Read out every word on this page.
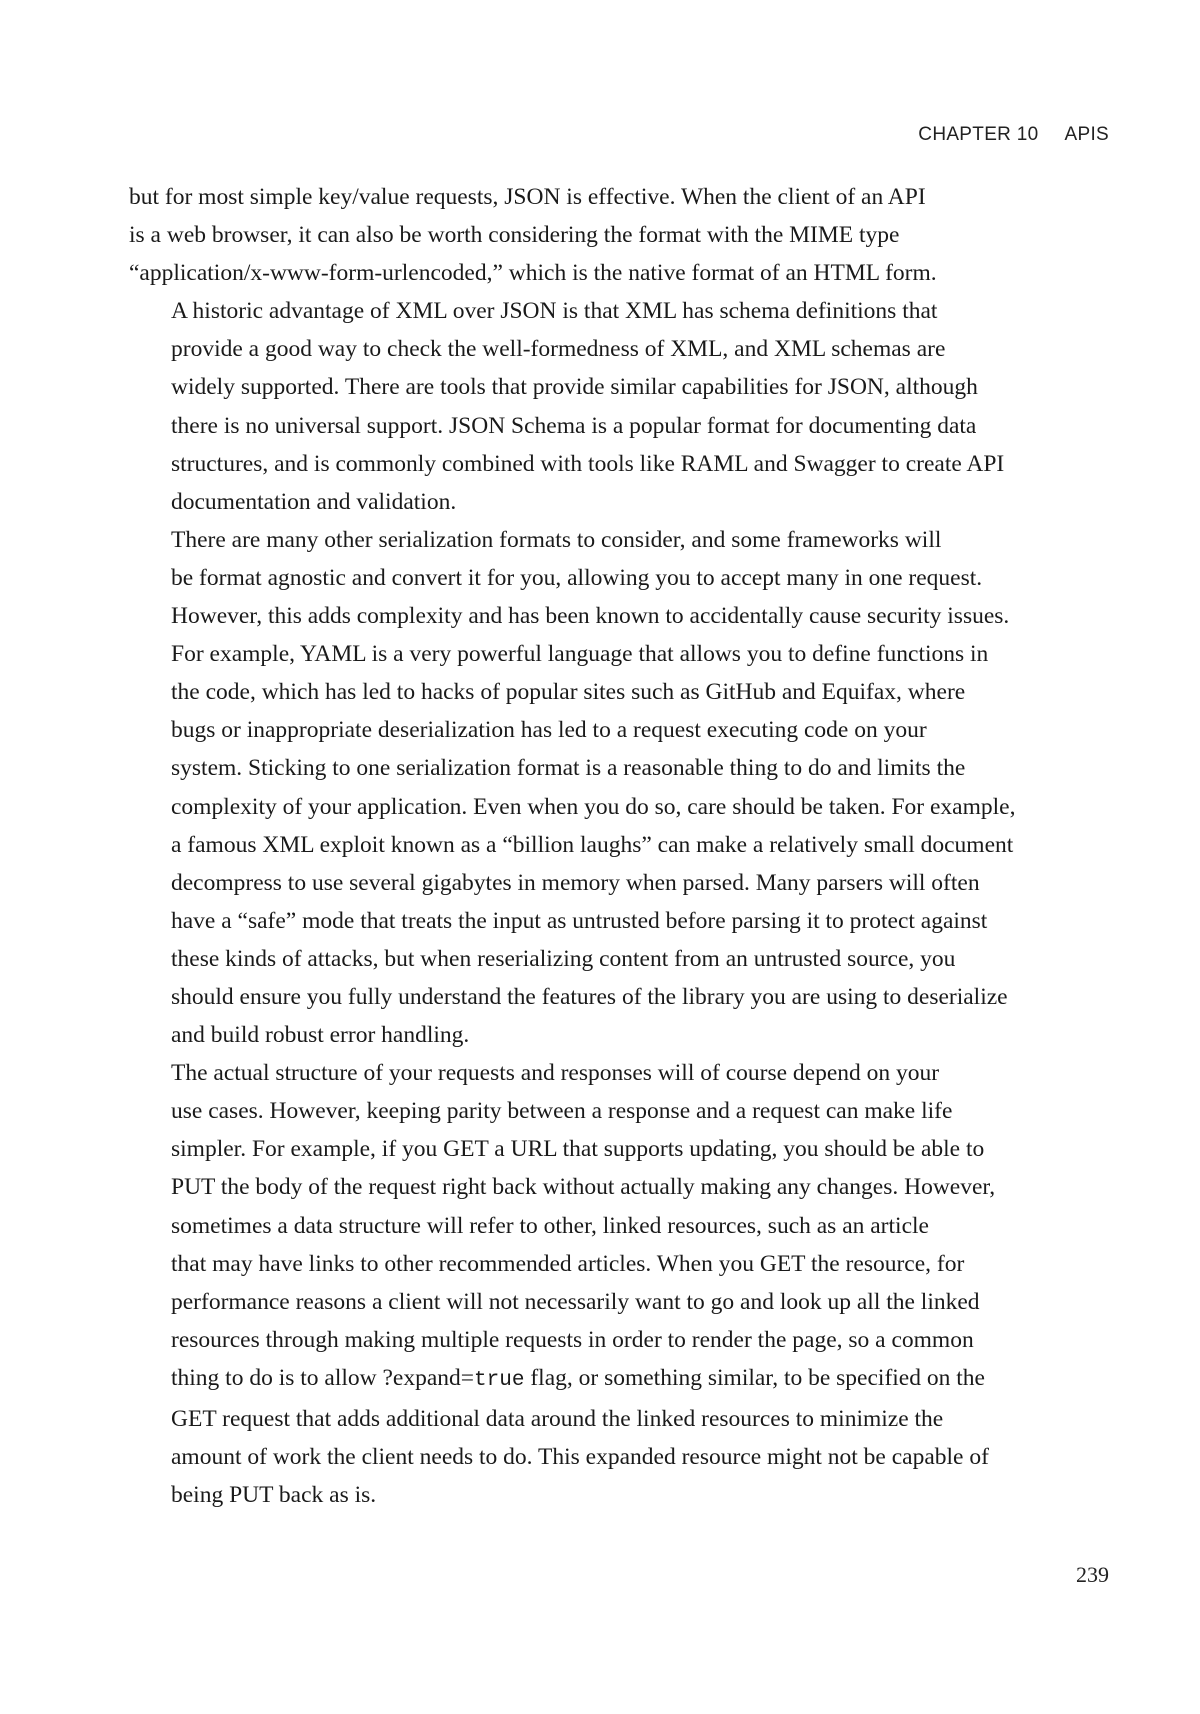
CHAPTER 10 APIS

but for most simple key/value requests, JSON is effective. When the client of an API
is a web browser, it can also be worth considering the format with the MIME type
“application/x-www-form-urlencoded,” which is the native format of an HTML form.

A historic advantage of XML over JSON is that XML has schema definitions that
provide a good way to check the well-formedness of XML, and XML schemas are
widely supported. There are tools that provide similar capabilities for JSON, although
there is no universal support. JSON Schema is a popular format for documenting data
structures, and is commonly combined with tools like RAML and Swagger to create API
documentation and validation.

There are many other serialization formats to consider, and some frameworks will
be format agnostic and convert it for you, allowing you to accept many in one request.
However, this adds complexity and has been known to accidentally cause security issues.
For example, YAML is a very powerful language that allows you to define functions in
the code, which has led to hacks of popular sites such as GitHub and Equifax, where
bugs or inappropriate deserialization has led to a request executing code on your
system. Sticking to one serialization format is a reasonable thing to do and limits the
complexity of your application. Even when you do so, care should be taken. For example,
a famous XML exploit known as a “billion laughs” can make a relatively small document
decompress to use several gigabytes in memory when parsed. Many parsers will often
have a “safe” mode that treats the input as untrusted before parsing it to protect against
these kinds of attacks, but when reserializing content from an untrusted source, you
should ensure you fully understand the features of the library you are using to deserialize
and build robust error handling.

The actual structure of your requests and responses will of course depend on your
use cases. However, keeping parity between a response and a request can make life
simpler. For example, if you GET a URL that supports updating, you should be able to
PUT the body of the request right back without actually making any changes. However,
sometimes a data structure will refer to other, linked resources, such as an article
that may have links to other recommended articles. When you GET the resource, for
performance reasons a client will not necessarily want to go and look up all the linked
resources through making multiple requests in order to render the page, so a common
thing to do is to allow ?expand=true flag, or something similar, to be specified on the
GET request that adds additional data around the linked resources to minimize the
amount of work the client needs to do. This expanded resource might not be capable of
being PUT back as is.

239
